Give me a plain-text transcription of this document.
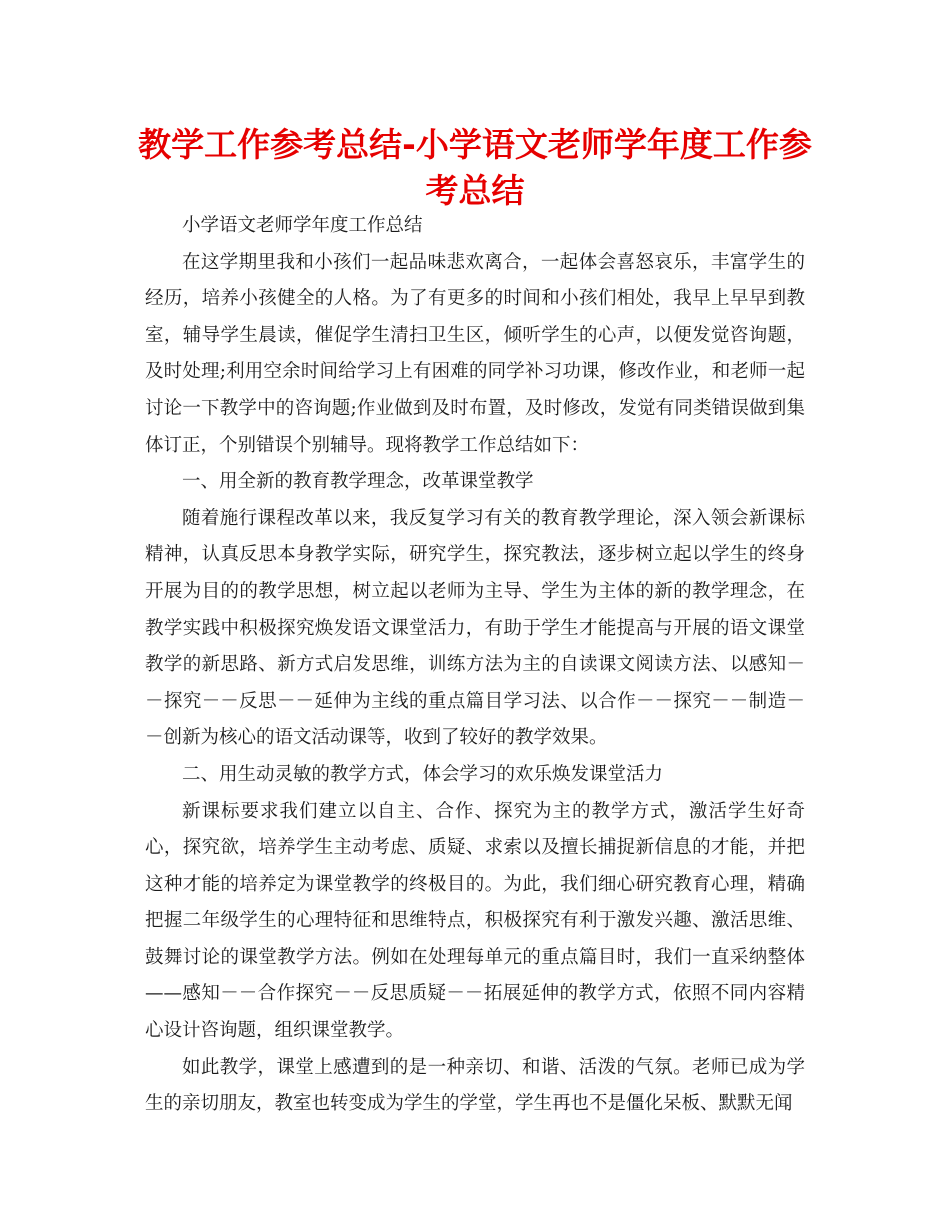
教学工作参考总结-小学语文老师学年度工作参考总结

小学语文老师学年度工作总结

在这学期里我和小孩们一起品味悲欢离合，一起体会喜怒哀乐，丰富学生的经历，培养小孩健全的人格。为了有更多的时间和小孩们相处，我早上早早到教室，辅导学生晨读，催促学生清扫卫生区，倾听学生的心声，以便发觉咨询题，及时处理;利用空余时间给学习上有困难的同学补习功课，修改作业，和老师一起讨论一下教学中的咨询题;作业做到及时布置，及时修改，发觉有同类错误做到集体订正，个别错误个别辅导。现将教学工作总结如下：

一、用全新的教育教学理念，改革课堂教学

随着施行课程改革以来，我反复学习有关的教育教学理论，深入领会新课标精神，认真反思本身教学实际，研究学生，探究教法，逐步树立起以学生的终身开展为目的的教学思想，树立起以老师为主导、学生为主体的新的教学理念，在教学实践中积极探究焕发语文课堂活力，有助于学生才能提高与开展的语文课堂教学的新思路、新方式启发思维，训练方法为主的自读课文阅读方法、以感知－－探究－－反思－－延伸为主线的重点篇目学习法、以合作－－探究－－制造－－创新为核心的语文活动课等，收到了较好的教学效果。

二、用生动灵敏的教学方式，体会学习的欢乐焕发课堂活力

新课标要求我们建立以自主、合作、探究为主的教学方式，激活学生好奇心，探究欲，培养学生主动考虑、质疑、求索以及擅长捕捉新信息的才能，并把这种才能的培养定为课堂教学的终极目的。为此，我们细心研究教育心理，精确把握二年级学生的心理特征和思维特点，积极探究有利于激发兴趣、激活思维、鼓舞讨论的课堂教学方法。例如在处理每单元的重点篇目时，我们一直采纳整体——感知－－合作探究－－反思质疑－－拓展延伸的教学方式，依照不同内容精心设计咨询题，组织课堂教学。

如此教学，课堂上感遭到的是一种亲切、和谐、活泼的气氛。老师已成为学生的亲切朋友，教室也转变成为学生的学堂，学生再也不是僵化呆板、默默无闻
